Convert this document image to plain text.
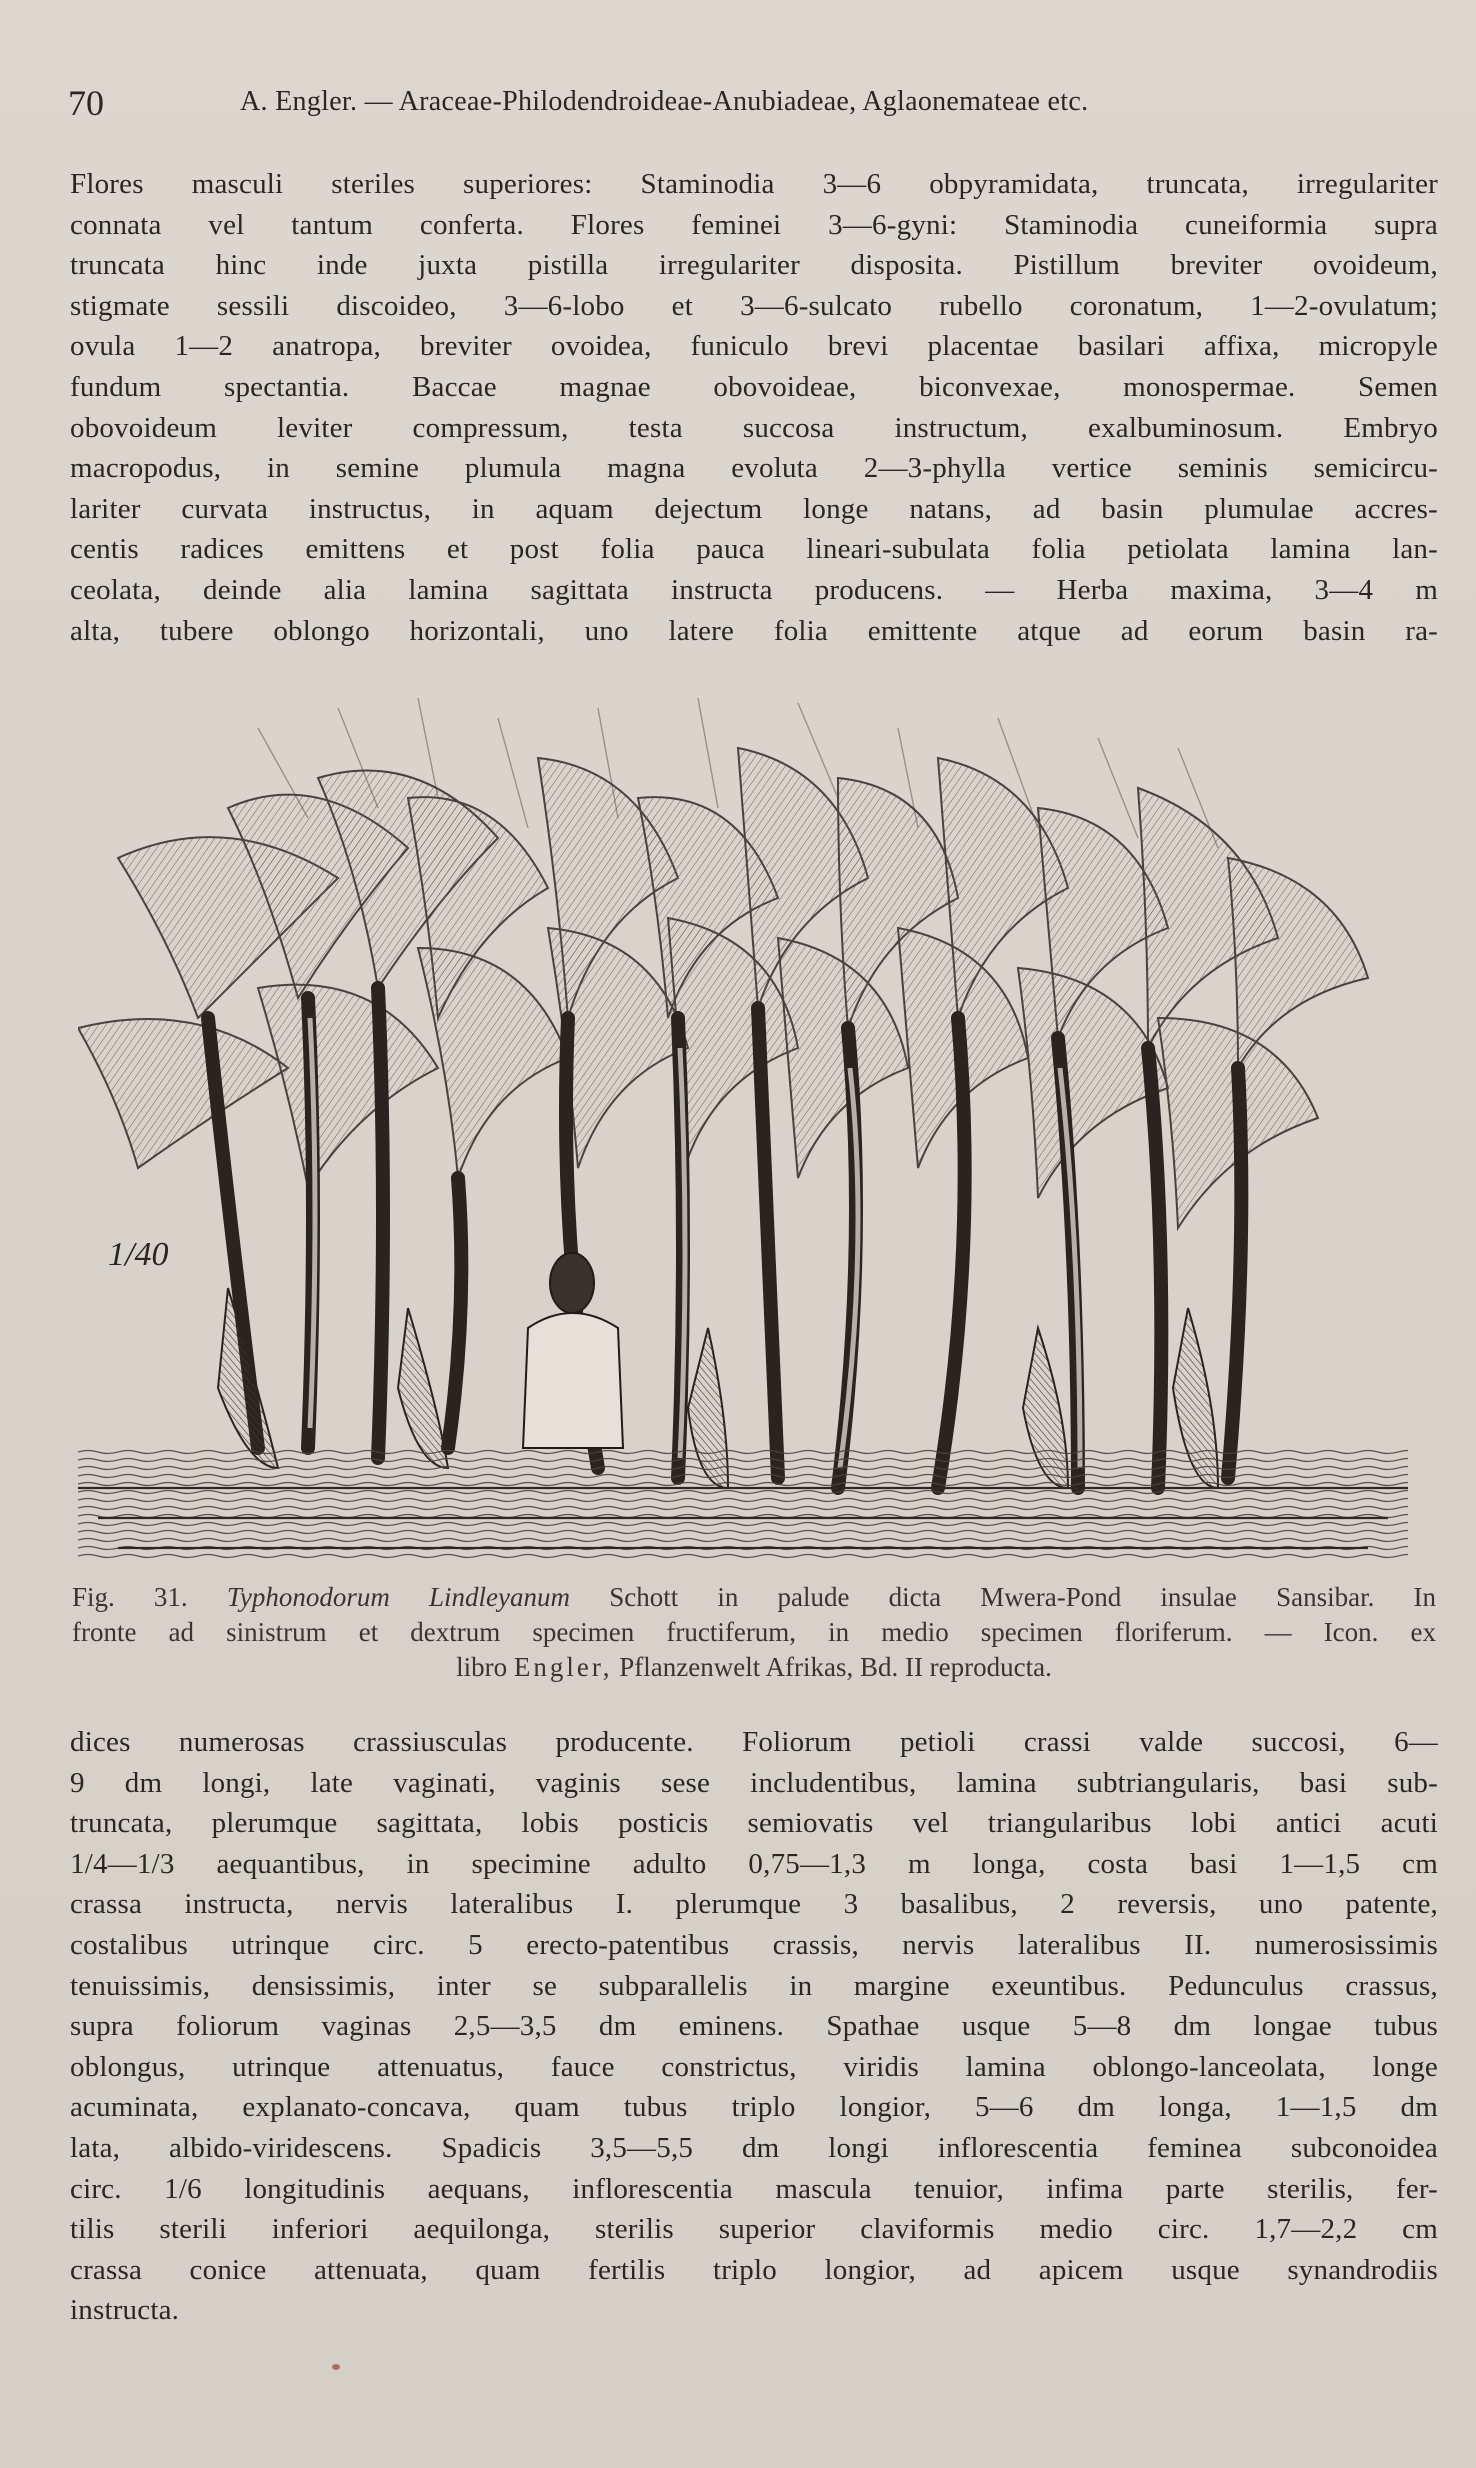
70	A. Engler. — Araceae-Philodendroideae-Anubiadeae, Aglaonemateae etc.
Flores masculi steriles superiores: Staminodia 3—6 obpyramidata, truncata, irregulariter
connata vel tantum conferta. Flores feminei 3—6-gyni: Staminodia cuneiformia supra
truncata hinc inde juxta pistilla irregulariter disposita. Pistillum breviter ovoideum,
stigmate sessili discoideo, 3—6-lobo et 3—6-sulcato rubello coronatum, 1—2-ovulatum;
ovula 1—2 anatropa, breviter ovoidea, funiculo brevi placentae basilari affixa, micropyle
fundum spectantia. Baccae magnae obovoideae, biconvexae, monospermae. Semen
obovoideum leviter compressum, testa succosa instructum, exalbuminosum. Embryo
macropodus, in semine plumula magna evoluta 2—3-phylla vertice seminis semicircu-
lariter curvata instructus, in aquam dejectum longe natans, ad basin plumulae accres-
centis radices emittens et post folia pauca lineari-subulata folia petiolata lamina lan-
ceolata, deinde alia lamina sagittata instructa producens. — Herba maxima, 3—4 m
alta, tubere oblongo horizontali, uno latere folia emittente atque ad eorum basin ra-
1/40
Fig. 31. Typhonodorum Lindleyanum Schott in palude dicta Mwera-Pond insulae Sansibar. In
fronte ad sinistrum et dextrum specimen fructiferum, in medio specimen floriferum. — Icon. ex
libro Engler, Pflanzenwelt Afrikas, Bd. II reproducta.
dices numerosas crassiusculas producente. Foliorum petioli crassi valde succosi, 6—
9 dm longi, late vaginati, vaginis sese includentibus, lamina subtriangularis, basi sub-
truncata, plerumque sagittata, lobis posticis semiovatis vel triangularibus lobi antici acuti
1/4—1/3 aequantibus, in specimine adulto 0,75—1,3 m longa, costa basi 1—1,5 cm
crassa instructa, nervis lateralibus I. plerumque 3 basalibus, 2 reversis, uno patente,
costalibus utrinque circ. 5 erecto-patentibus crassis, nervis lateralibus II. numerosissimis
tenuissimis, densissimis, inter se subparallelis in margine exeuntibus. Pedunculus crassus,
supra foliorum vaginas 2,5—3,5 dm eminens. Spathae usque 5—8 dm longae tubus
oblongus, utrinque attenuatus, fauce constrictus, viridis lamina oblongo-lanceolata, longe
acuminata, explanato-concava, quam tubus triplo longior, 5—6 dm longa, 1—1,5 dm
lata, albido-viridescens. Spadicis 3,5—5,5 dm longi inflorescentia feminea subconoidea
circ. 1/6 longitudinis aequans, inflorescentia mascula tenuior, infima parte sterilis, fer-
tilis sterili inferiori aequilonga, sterilis superior claviformis medio circ. 1,7—2,2 cm
crassa conice attenuata, quam fertilis triplo longior, ad apicem usque synandrodiis
instructa.
